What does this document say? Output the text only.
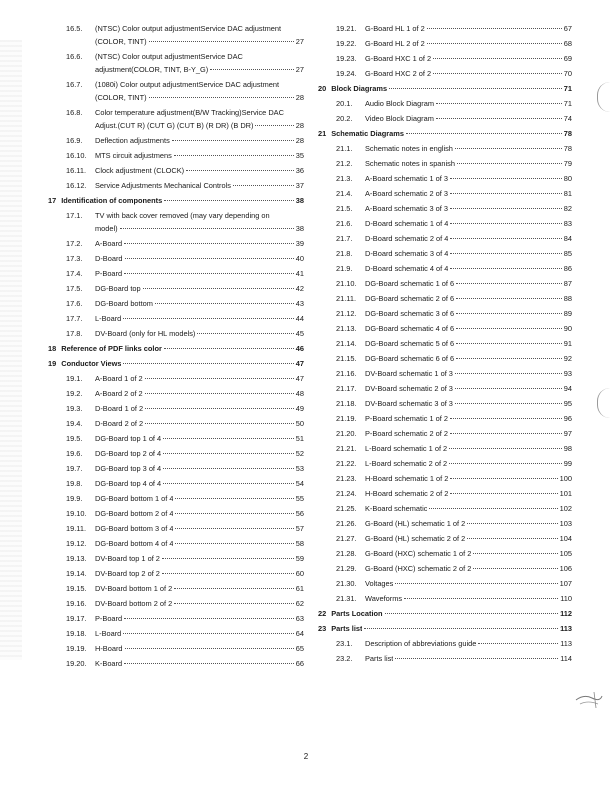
16.5.	(NTSC) Color output adjustmentService DAC adjustment
(COLOR, TINT)	27
16.6.	(NTSC) Color output adjustmentService DAC
adjustment(COLOR, TINT, B-Y_G)	27
16.7.	(1080i) Color output adjustmentService DAC adjustment
(COLOR, TINT)	28
16.8.	Color temperature adjustment(B/W Tracking)Service DAC
Adjust.(CUT R) (CUT G) (CUT B) (R DR) (B DR)	28
16.9.	Deflection adjustments	28
16.10.	MTS circuit adjustmens	35
16.11.	Clock adjustment (CLOCK)	36
16.12.	Service Adjustments Mechanical Controls	37
17 Identification of components	38
17.1.	TV with back cover removed (may vary depending on
model)	38
17.2.	A-Board	39
17.3.	D-Board	40
17.4.	P-Board	41
17.5.	DG-Board top	42
17.6.	DG-Board bottom	43
17.7.	L-Board	44
17.8.	DV-Board (only for HL models)	45
18 Reference of PDF links color	46
19 Conductor Views	47
19.1.	A-Board 1 of 2	47
19.2.	A-Board 2 of 2	48
19.3.	D-Board 1 of 2	49
19.4.	D-Board 2 of 2	50
19.5.	DG-Board top 1 of 4	51
19.6.	DG-Board top 2 of 4	52
19.7.	DG-Board top 3 of 4	53
19.8.	DG-Board top 4 of 4	54
19.9.	DG-Board bottom 1 of 4	55
19.10.	DG-Board bottom 2 of 4	56
19.11.	DG-Board bottom 3 of 4	57
19.12.	DG-Board bottom 4 of 4	58
19.13.	DV-Board top 1 of 2	59
19.14.	DV-Board top 2 of 2	60
19.15.	DV-Board bottom 1 of 2	61
19.16.	DV-Board bottom 2 of 2	62
19.17.	P-Board	63
19.18.	L-Board	64
19.19.	H-Board	65
19.20.	K-Board	66
19.21.	G-Board HL 1 of 2	67
19.22.	G-Board HL 2 of 2	68
19.23.	G-Board HXC 1 of 2	69
19.24.	G-Board HXC 2 of 2	70
20 Block Diagrams	71
20.1.	Audio Block Diagram	71
20.2.	Video Block Diagram	74
21 Schematic Diagrams	78
21.1.	Schematic notes in english	78
21.2.	Schematic notes in spanish	79
21.3.	A-Board schematic 1 of 3	80
21.4.	A-Board schematic 2 of 3	81
21.5.	A-Board schematic 3 of 3	82
21.6.	D-Board schematic 1 of 4	83
21.7.	D-Board schematic 2 of 4	84
21.8.	D-Board schematic 3 of 4	85
21.9.	D-Board schematic 4 of 4	86
21.10.	DG-Board schematic 1 of 6	87
21.11.	DG-Board schematic 2 of 6	88
21.12.	DG-Board schematic 3 of 6	89
21.13.	DG-Board schematic 4 of 6	90
21.14.	DG-Board schematic 5 of 6	91
21.15.	DG-Board schematic 6 of 6	92
21.16.	DV-Board schematic 1 of 3	93
21.17.	DV-Board schematic 2 of 3	94
21.18.	DV-Board schematic 3 of 3	95
21.19.	P-Board schematic 1 of 2	96
21.20.	P-Board schematic 2 of 2	97
21.21.	L-Board schematic 1 of 2	98
21.22.	L-Board schematic 2 of 2	99
21.23.	H-Board schematic 1 of 2	100
21.24.	H-Board schematic 2 of 2	101
21.25.	K-Board schematic	102
21.26.	G-Board (HL) schematic 1 of 2	103
21.27.	G-Board (HL) schematic 2 of 2	104
21.28.	G-Board (HXC) schematic 1 of 2	105
21.29.	G-Board (HXC) schematic 2 of 2	106
21.30.	Voltages	107
21.31.	Waveforms	110
22 Parts Location	112
23 Parts list	113
23.1.	Description of abbreviations guide	113
23.2.	Parts list	114
2
